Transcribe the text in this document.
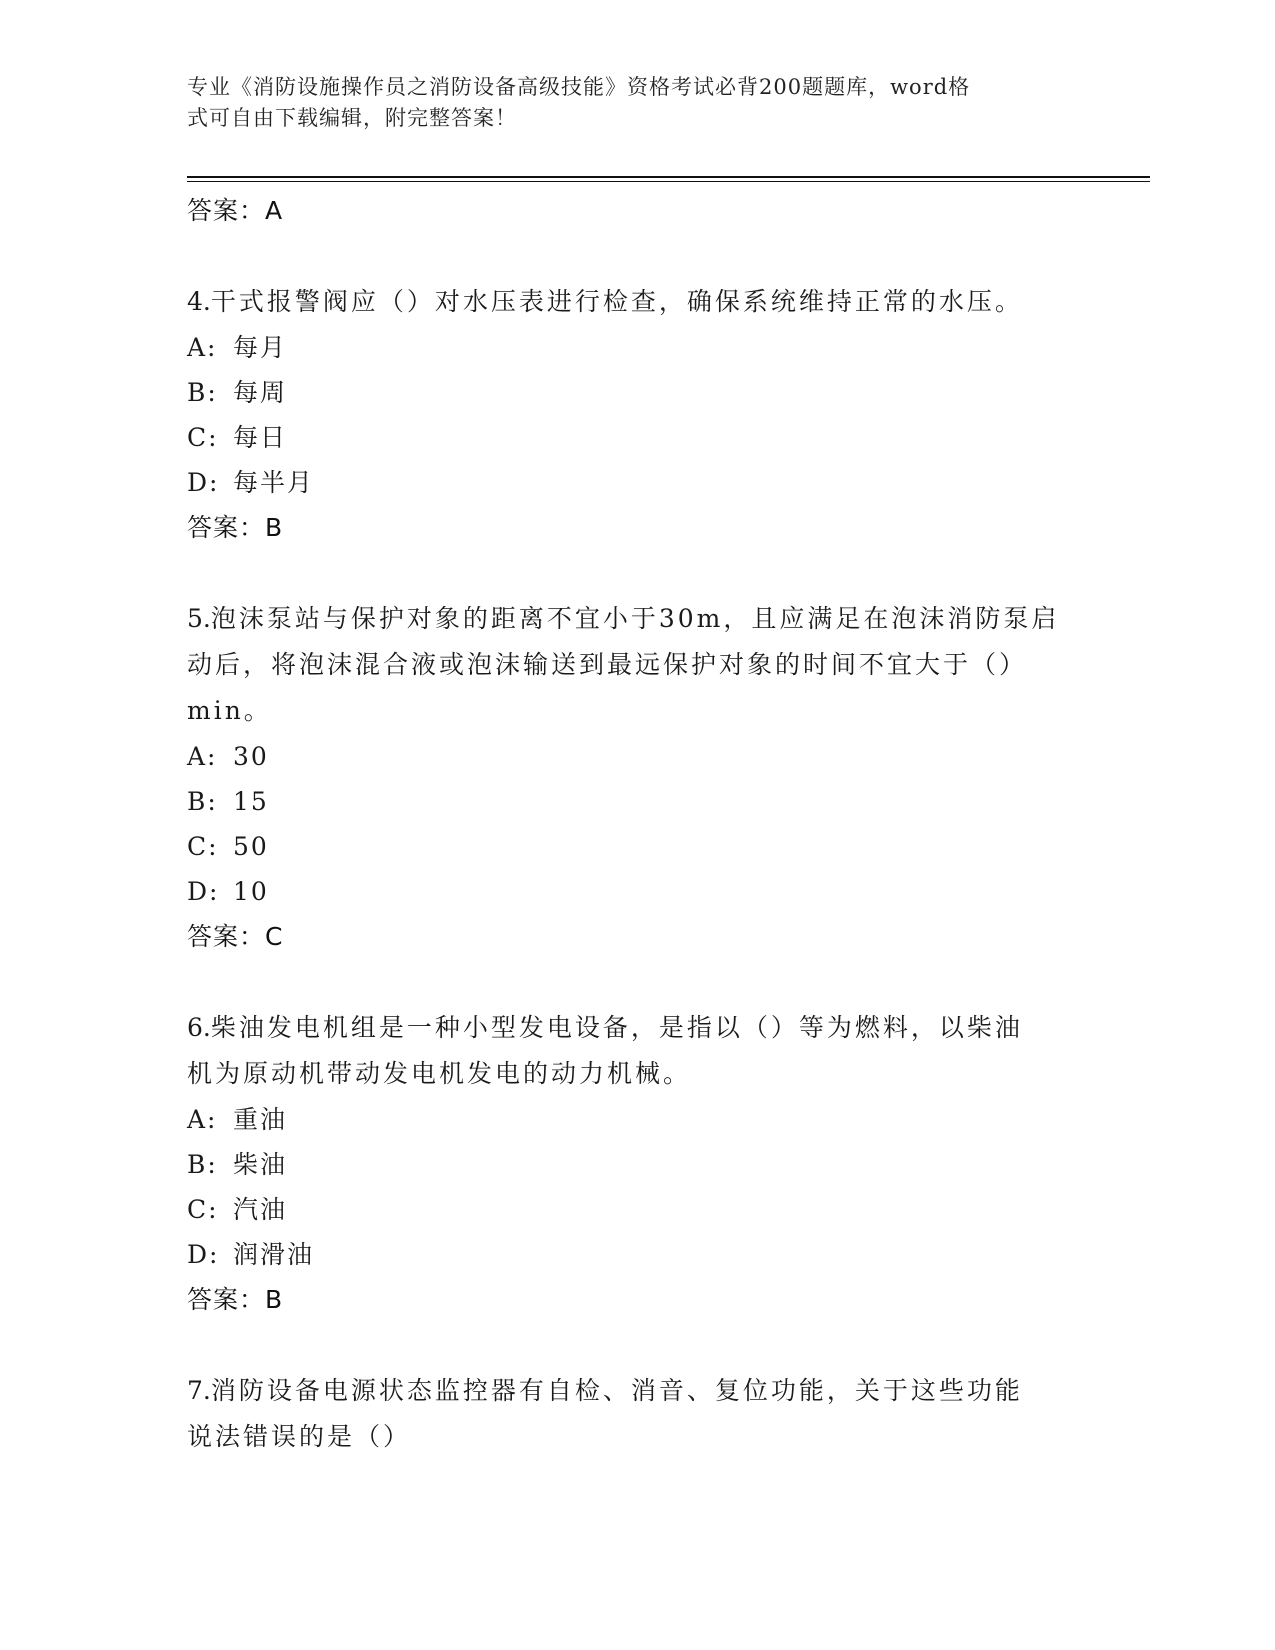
专业《消防设施操作员之消防设备高级技能》资格考试必背200题题库，word格
式可自由下载编辑，附完整答案！
答案：A
4.干式报警阀应（）对水压表进行检查，确保系统维持正常的水压。
A: 每月
B: 每周
C: 每日
D: 每半月
答案：B
5.泡沫泵站与保护对象的距离不宜小于30m，且应满足在泡沫消防泵启
动后，将泡沫混合液或泡沫输送到最远保护对象的时间不宜大于（）
min。
A: 30
B: 15
C: 50
D: 10
答案：C
6.柴油发电机组是一种小型发电设备，是指以（）等为燃料，以柴油
机为原动机带动发电机发电的动力机械。
A: 重油
B: 柴油
C: 汽油
D: 润滑油
答案：B
7.消防设备电源状态监控器有自检、消音、复位功能，关于这些功能
说法错误的是（）
